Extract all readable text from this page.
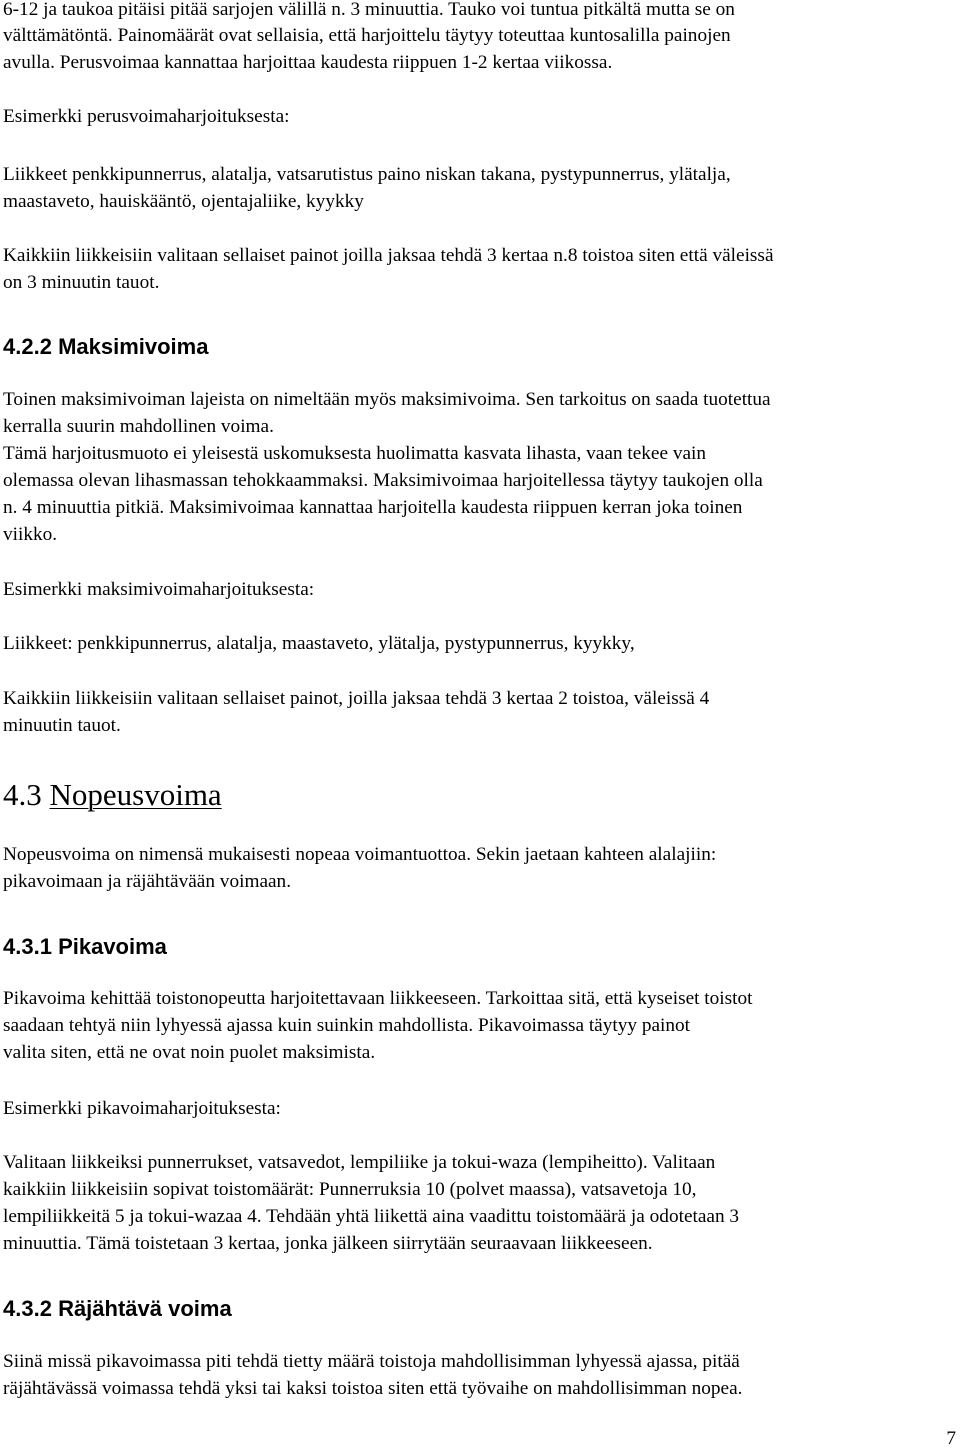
6-12 ja taukoa pitäisi pitää sarjojen välillä n. 3 minuuttia. Tauko voi tuntua pitkältä mutta se on
välttämätöntä. Painomäärät ovat sellaisia, että harjoittelu täytyy toteuttaa kuntosalilla painojen
avulla. Perusvoimaa kannattaa harjoittaa kaudesta riippuen 1-2 kertaa viikossa.
Esimerkki perusvoimaharjoituksesta:
Liikkeet penkkipunnerrus, alatalja, vatsarutistus paino niskan takana, pystypunnerrus, ylätalja,
maastaveto, hauiskääntö, ojentajaliike, kyykky
Kaikkiin liikkeisiin valitaan sellaiset painot joilla jaksaa tehdä 3 kertaa n.8 toistoa siten että väleissä
on 3 minuutin tauot.
4.2.2 Maksimivoima
Toinen maksimivoiman lajeista on nimeltään myös maksimivoima. Sen tarkoitus on saada tuotettua
kerralla suurin mahdollinen voima.
Tämä harjoitusmuoto ei yleisestä uskomuksesta huolimatta kasvata lihasta, vaan tekee vain
olemassa olevan lihasmassan tehokkaammaksi. Maksimivoimaa harjoitellessa täytyy taukojen olla
n. 4 minuuttia pitkiä. Maksimivoimaa kannattaa harjoitella kaudesta riippuen kerran joka toinen
viikko.
Esimerkki maksimivoimaharjoituksesta:
Liikkeet: penkkipunnerrus, alatalja, maastaveto, ylätalja, pystypunnerrus, kyykky,
Kaikkiin liikkeisiin valitaan sellaiset painot, joilla jaksaa tehdä 3 kertaa 2 toistoa, väleissä 4
minuutin tauot.
4.3 Nopeusvoima
Nopeusvoima on nimensä mukaisesti nopeaa voimantuottoa. Sekin jaetaan kahteen alalajiin:
pikavoimaan ja räjähtävään voimaan.
4.3.1 Pikavoima
Pikavoima kehittää toistonopeutta harjoitettavaan liikkeeseen. Tarkoittaa sitä, että kyseiset toistot
saadaan tehtyä niin lyhyessä ajassa kuin suinkin mahdollista. Pikavoimassa täytyy painot
valita siten, että ne ovat noin puolet maksimista.
Esimerkki pikavoimaharjoituksesta:
Valitaan liikkeiksi punnerrukset, vatsavedot, lempiliike ja tokui-waza (lempiheitto). Valitaan
kaikkiin liikkeisiin sopivat toistomäärät: Punnerruksia 10 (polvet maassa), vatsavetoja 10,
lempiliikkeitä 5 ja tokui-wazaa 4. Tehdään yhtä liikettä aina vaadittu toistomäärä ja odotetaan 3
minuuttia. Tämä toistetaan 3 kertaa, jonka jälkeen siirrytään seuraavaan liikkeeseen.
4.3.2 Räjähtävä voima
Siinä missä pikavoimassa piti tehdä tietty määrä toistoja mahdollisimman lyhyessä ajassa, pitää
räjähtävässä voimassa tehdä yksi tai kaksi toistoa siten että työvaihe on mahdollisimman nopea.
7
